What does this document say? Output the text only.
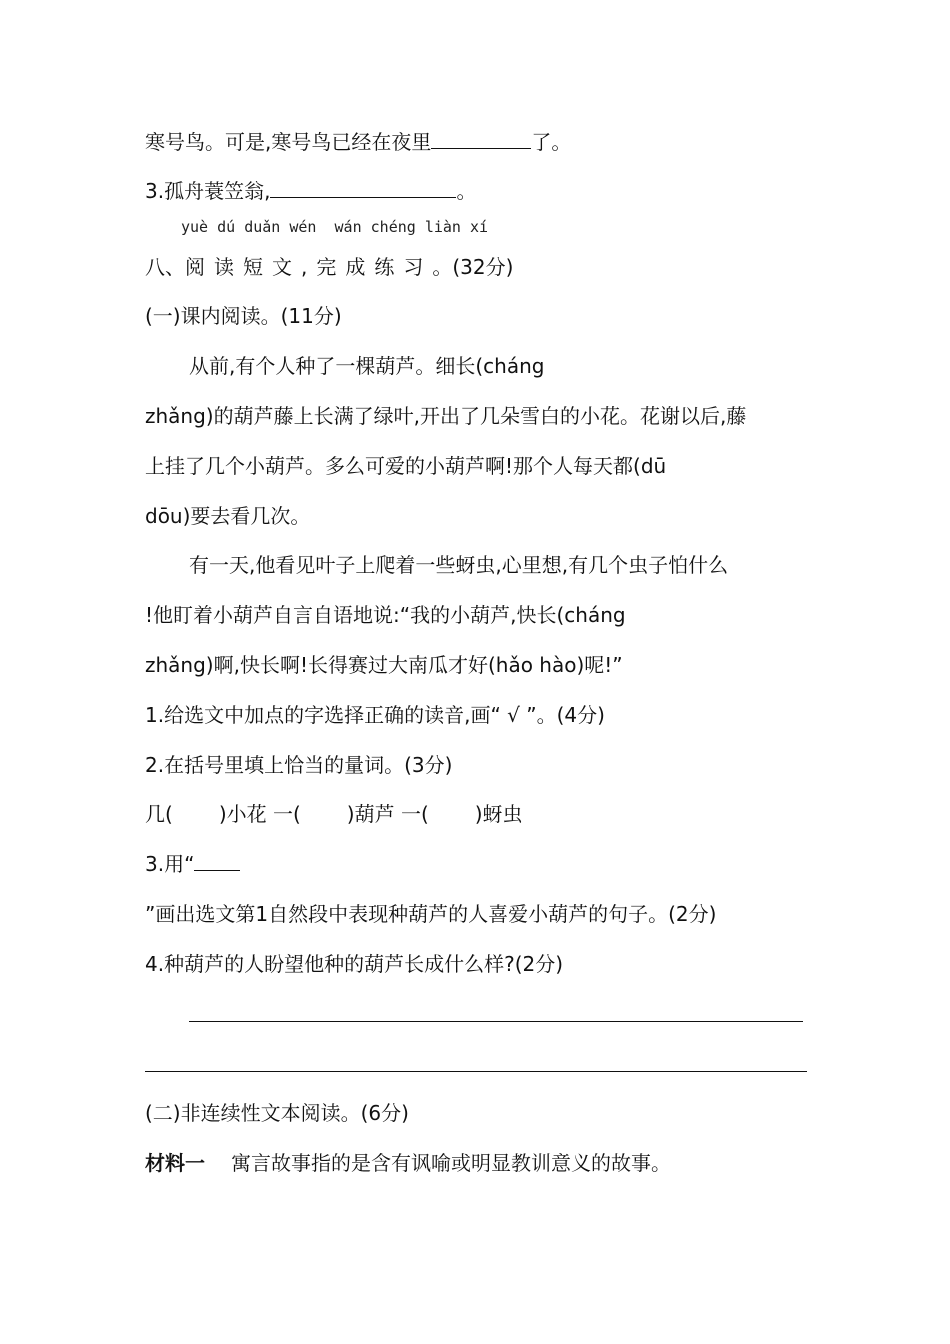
寒号鸟。可是,寒号鸟已经在夜里	了。
3.孤舟蓑笠翁,	。
yuè dú duǎn wén  wán chéng liàn xí
八、阅读短文,完成练习。(32分)
(一)课内阅读。(11分)
从前,有个人种了一棵葫芦。细长(cháng
zhǎng)的葫芦藤上长满了绿叶,开出了几朵雪白的小花。花谢以后,藤
上挂了几个小葫芦。多么可爱的小葫芦啊!那个人每天都(dū
dōu)要去看几次。
有一天,他看见叶子上爬着一些蚜虫,心里想,有几个虫子怕什么
!他盯着小葫芦自言自语地说:“我的小葫芦,快长(cháng
zhǎng)啊,快长啊!长得赛过大南瓜才好(hǎo hào)呢!”
1.给选文中加点的字选择正确的读音,画“ √ ”。(4分)
2.在括号里填上恰当的量词。(3分)
几( )小花 一( )葫芦 一( )蚜虫
3.用“
”画出选文第1自然段中表现种葫芦的人喜爱小葫芦的句子。(2分)
4.种葫芦的人盼望他种的葫芦长成什么样?(2分)
(二)非连续性文本阅读。(6分)
材料一 寓言故事指的是含有讽喻或明显教训意义的故事。
